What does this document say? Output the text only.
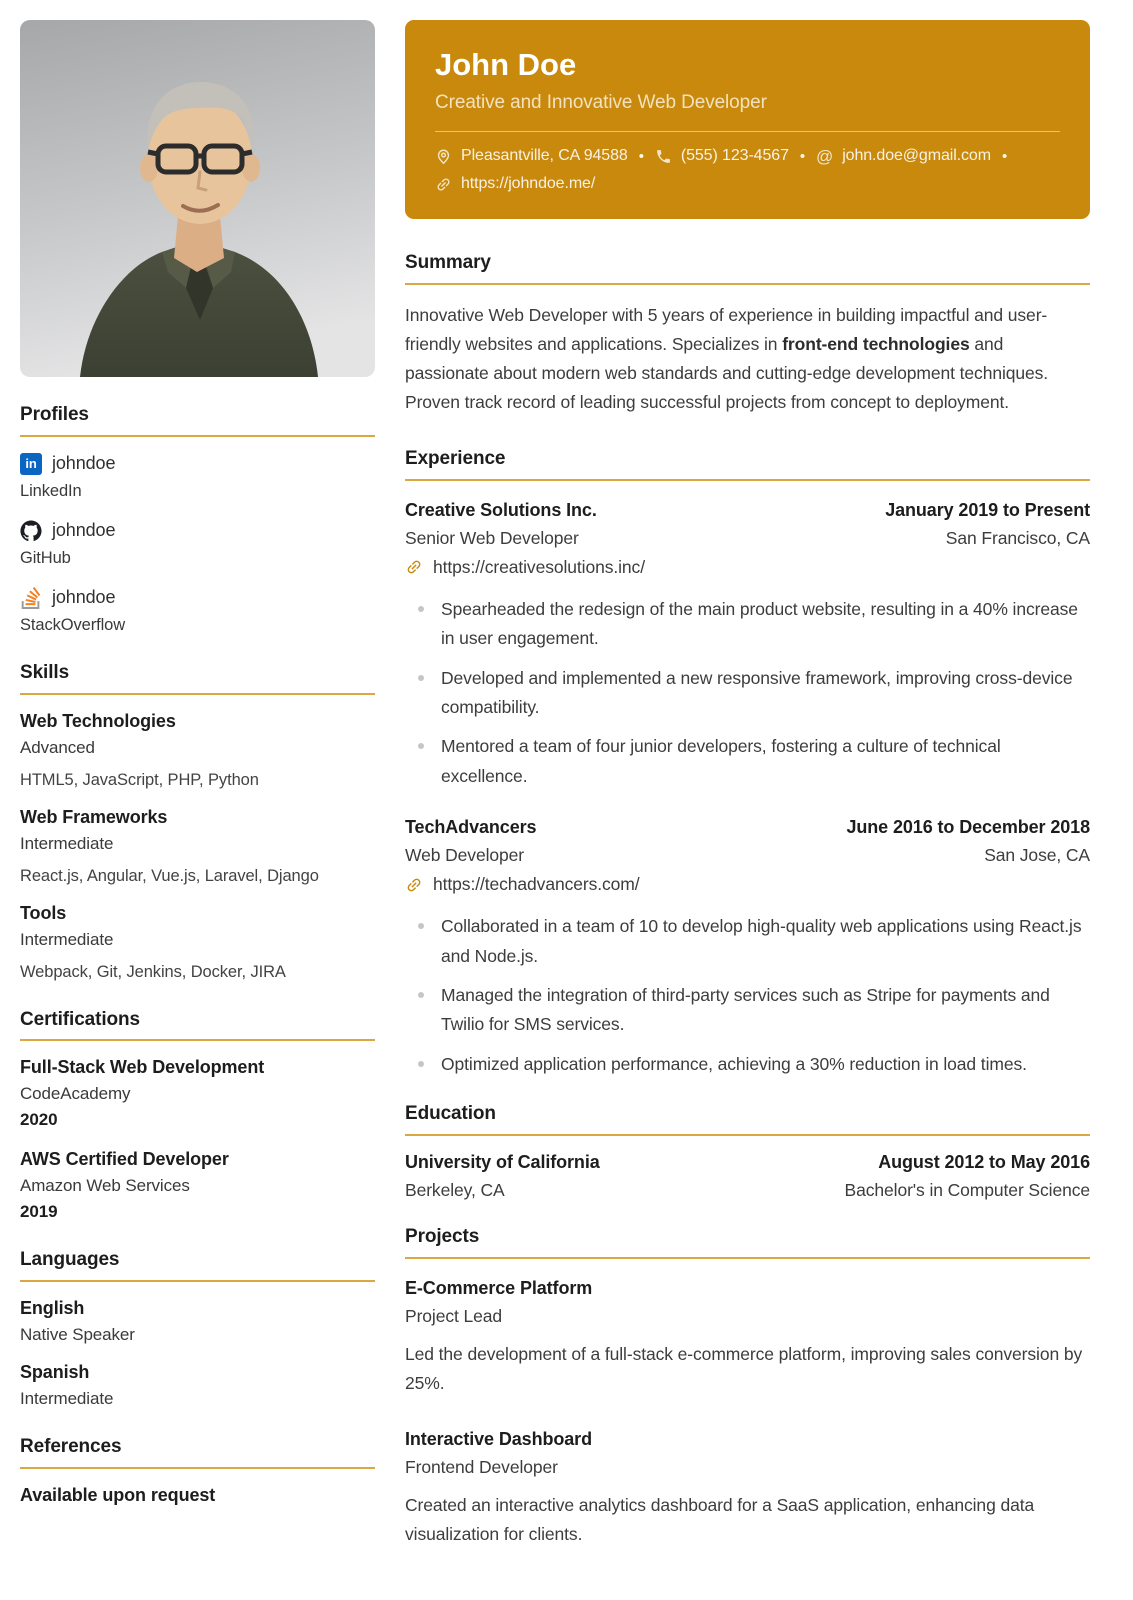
Profiles
in johndoe
LinkedIn
johndoe
GitHub
johndoe
StackOverflow
Skills
Web Technologies
Advanced
HTML5, JavaScript, PHP, Python
Web Frameworks
Intermediate
React.js, Angular, Vue.js, Laravel, Django
Tools
Intermediate
Webpack, Git, Jenkins, Docker, JIRA
Certifications
Full-Stack Web Development
CodeAcademy
2020
AWS Certified Developer
Amazon Web Services
2019
Languages
English
Native Speaker
Spanish
Intermediate
References
Available upon request
John Doe
Creative and Innovative Web Developer
Pleasantville, CA 94588 • (555) 123-4567 • @ john.doe@gmail.com •
https://johndoe.me/
Summary

Innovative Web Developer with 5 years of experience in building impactful and user-friendly websites and applications. Specializes in front-end technologies and passionate about modern web standards and cutting-edge development techniques. Proven track record of leading successful projects from concept to deployment.

Experience
Creative Solutions Inc.	January 2019 to Present
Senior Web Developer	San Francisco, CA
https://creativesolutions.inc/
Spearheaded the redesign of the main product website, resulting in a 40% increase in user engagement.
Developed and implemented a new responsive framework, improving cross-device compatibility.
Mentored a team of four junior developers, fostering a culture of technical excellence.
TechAdvancers	June 2016 to December 2018
Web Developer	San Jose, CA
https://techadvancers.com/
Collaborated in a team of 10 to develop high-quality web applications using React.js and Node.js.
Managed the integration of third-party services such as Stripe for payments and Twilio for SMS services.
Optimized application performance, achieving a 30% reduction in load times.
Education
University of California	August 2012 to May 2016
Berkeley, CA	Bachelor's in Computer Science
Projects
E-Commerce Platform
Project Lead

Led the development of a full-stack e-commerce platform, improving sales conversion by 25%.

Interactive Dashboard
Frontend Developer

Created an interactive analytics dashboard for a SaaS application, enhancing data visualization for clients.
